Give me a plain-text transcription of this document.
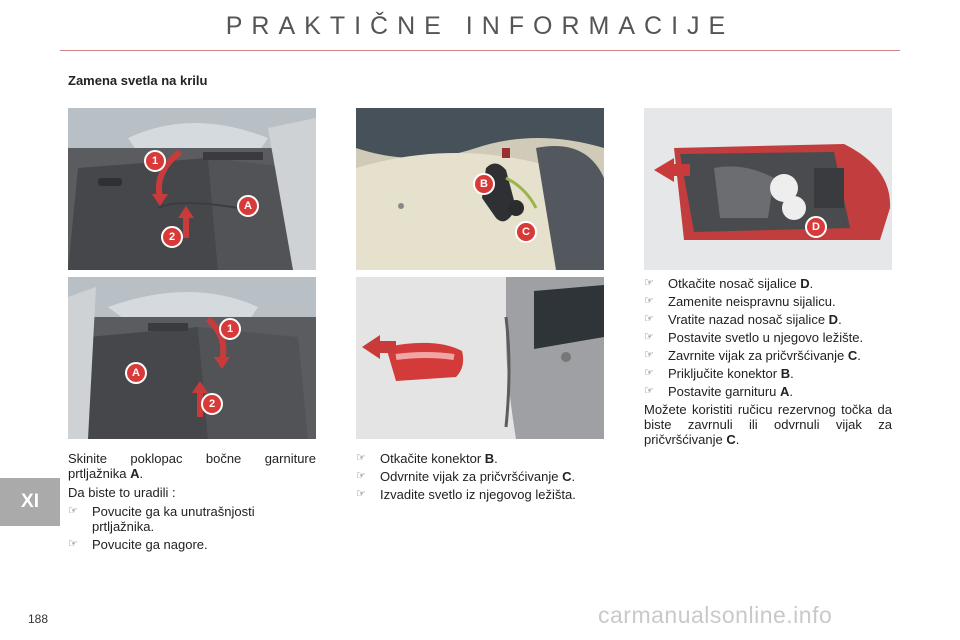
PRAKTIČNE INFORMACIJE
Zamena svetla na krilu
1
2
A
1
A
2
B
C	D

Skinite poklopac bočne garniture prtljažnika A.

Da biste to uradili :

☞	Povucite ga ka unutrašnjosti prtljažnika.
☞	Povucite ga nagore.
☞	Otkačite konektor B.
☞	Odvrnite vijak za pričvršćivanje C.
☞	Izvadite svetlo iz njegovog ležišta.
☞	Otkačite nosač sijalice D.
☞	Zamenite neispravnu sijalicu.
☞	Vratite nazad nosač sijalice D.
☞	Postavite svetlo u njegovo ležište.
☞	Zavrnite vijak za pričvršćivanje C.
☞	Priključite konektor B.
☞	Postavite garnituru A.

Možete koristiti ručicu rezervnog točka da biste zavrnuli ili odvrnuli vijak za pričvršćivanje C.

XI
188	carmanualsonline.info
